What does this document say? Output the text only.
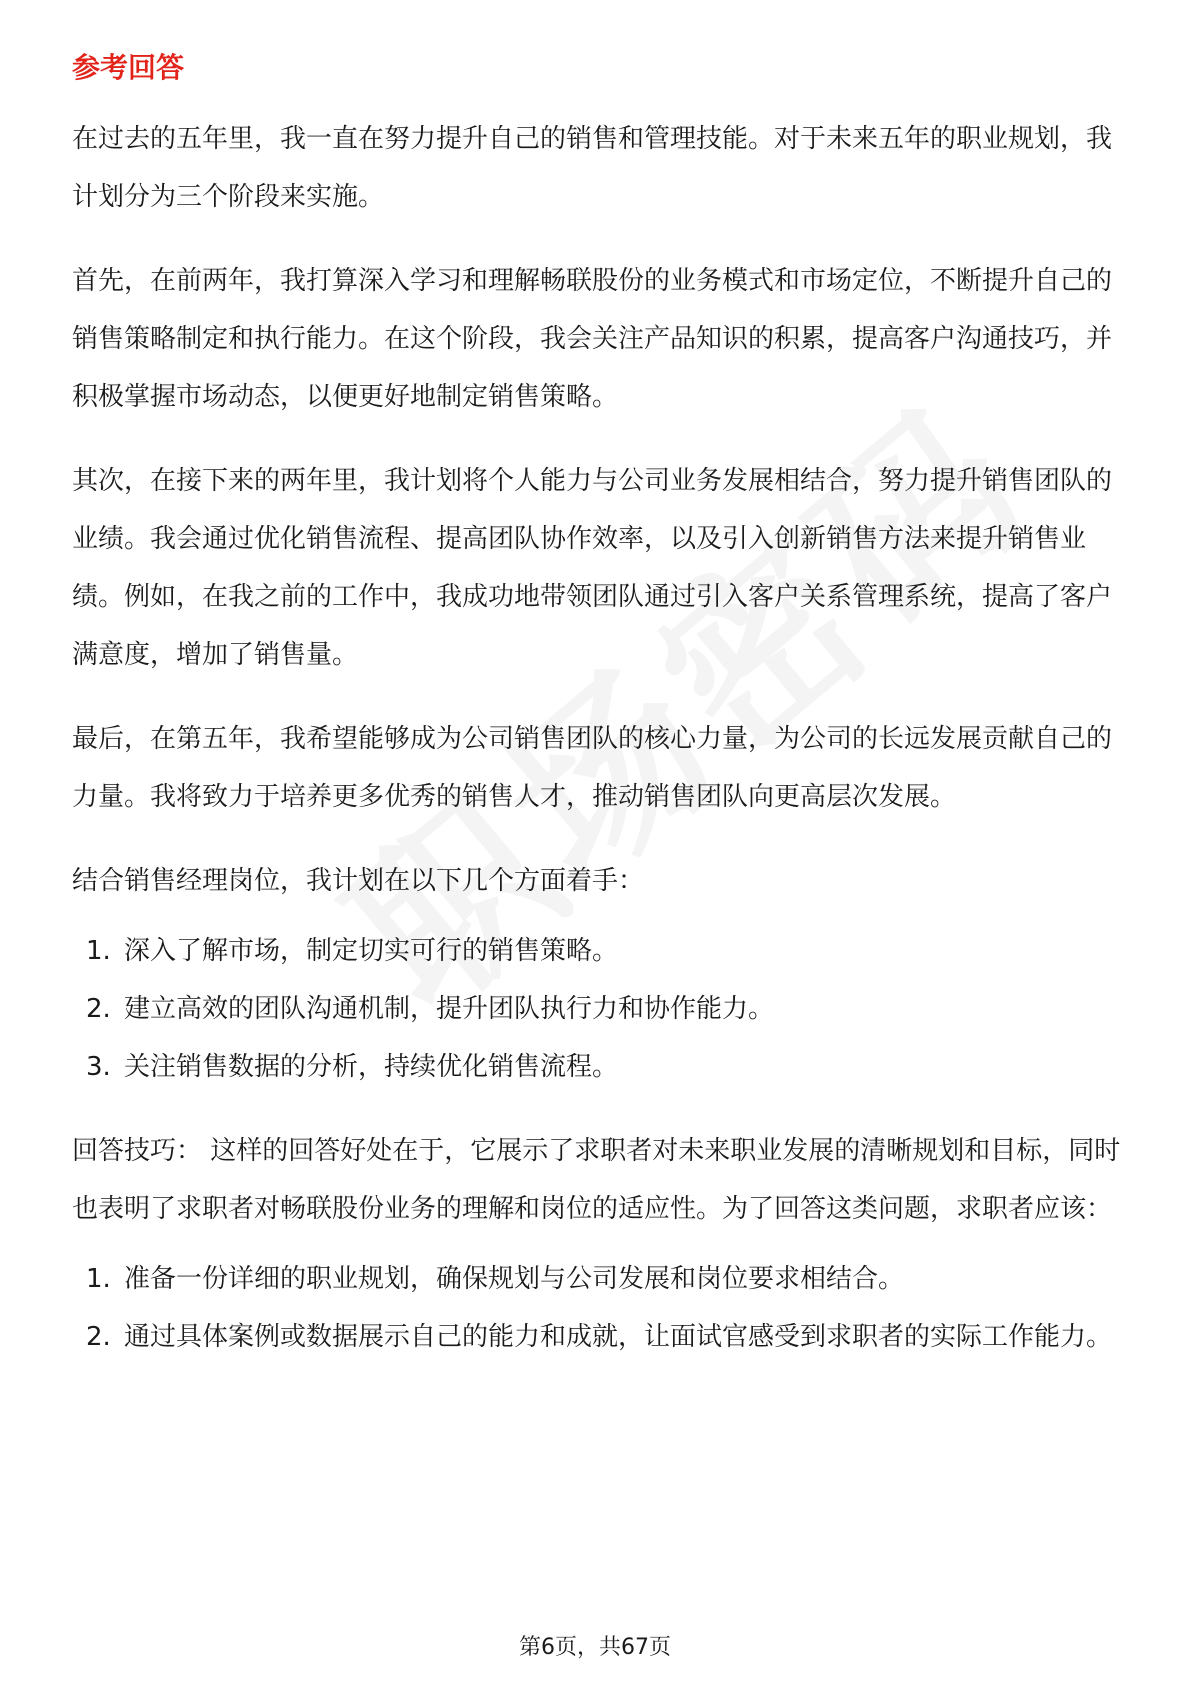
参考回答

在过去的五年里，我一直在努力提升自己的销售和管理技能。对于未来五年的职业规划，我计划分为三个阶段来实施。

首先，在前两年，我打算深入学习和理解畅联股份的业务模式和市场定位，不断提升自己的销售策略制定和执行能力。在这个阶段，我会关注产品知识的积累，提高客户沟通技巧，并积极掌握市场动态，以便更好地制定销售策略。

其次，在接下来的两年里，我计划将个人能力与公司业务发展相结合，努力提升销售团队的业绩。我会通过优化销售流程、提高团队协作效率，以及引入创新销售方法来提升销售业绩。例如，在我之前的工作中，我成功地带领团队通过引入客户关系管理系统，提高了客户满意度，增加了销售量。

最后，在第五年，我希望能够成为公司销售团队的核心力量，为公司的长远发展贡献自己的力量。我将致力于培养更多优秀的销售人才，推动销售团队向更高层次发展。

结合销售经理岗位，我计划在以下几个方面着手：

1. 深入了解市场，制定切实可行的销售策略。
2. 建立高效的团队沟通机制，提升团队执行力和协作能力。
3. 关注销售数据的分析，持续优化销售流程。

回答技巧： 这样的回答好处在于，它展示了求职者对未来职业发展的清晰规划和目标，同时也表明了求职者对畅联股份业务的理解和岗位的适应性。为了回答这类问题，求职者应该：

1. 准备一份详细的职业规划，确保规划与公司发展和岗位要求相结合。
2. 通过具体案例或数据展示自己的能力和成就，让面试官感受到求职者的实际工作能力。
第6页，共67页
